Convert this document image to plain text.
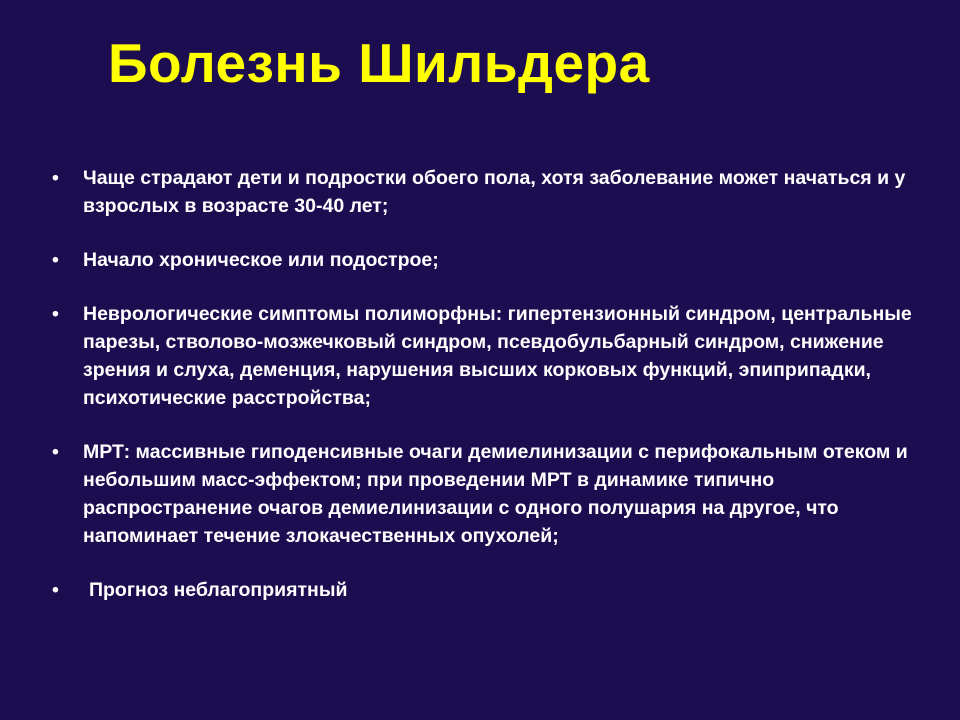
Болезнь Шильдера
• Чаще страдают дети и подростки обоего пола, хотя заболевание может начаться и у взрослых в возрасте 30-40 лет;
• Начало хроническое или подострое;
• Неврологические симптомы полиморфны: гипертензионный синдром, центральные парезы, стволово-мозжечковый синдром, псевдобульбарный синдром, снижение зрения и слуха, деменция, нарушения высших корковых функций, эпиприпадки, психотические расстройства;
• МРТ: массивные гиподенсивные очаги демиелинизации с перифокальным отеком и небольшим масс-эффектом; при проведении МРТ в динамике типично распространение очагов демиелинизации с одного полушария на другое, что напоминает течение злокачественных опухолей;
• Прогноз неблагоприятный
